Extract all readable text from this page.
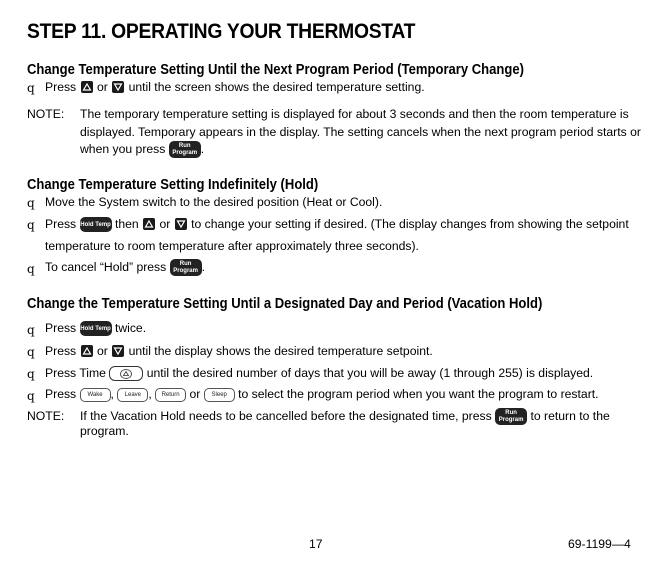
STEP 11. OPERATING YOUR THERMOSTAT
Change Temperature Setting Until the Next Program Period (Temporary Change)
q Press or until the screen shows the desired temperature setting.
NOTE: The temporary temperature setting is displayed for about 3 seconds and then the room temperature is
displayed. Temporary appears in the display. The setting cancels when the next program period starts or
when you press Run
Program .
Change Temperature Setting Indefinitely (Hold)
q Move the System switch to the desired position (Heat or Cool).
q Press Hold Temp then or to change your setting if desired. (The display changes from showing the setpoint
temperature to room temperature after approximately three seconds).
q To cancel “Hold” press Run
Program .
Change the Temperature Setting Until a Designated Day and Period (Vacation Hold)
q Press Hold Temp twice.
q Press or until the display shows the desired temperature setpoint.
q Press Time	until the desired number of days that you will be away (1 through 255) is displayed.
q Press Wake , Leave , Return or Sleep to select the program period when you want the program to restart.
NOTE: If the Vacation Hold needs to be cancelled before the designated time, press Run
Program to return to the
program.
17	69-1199—4
